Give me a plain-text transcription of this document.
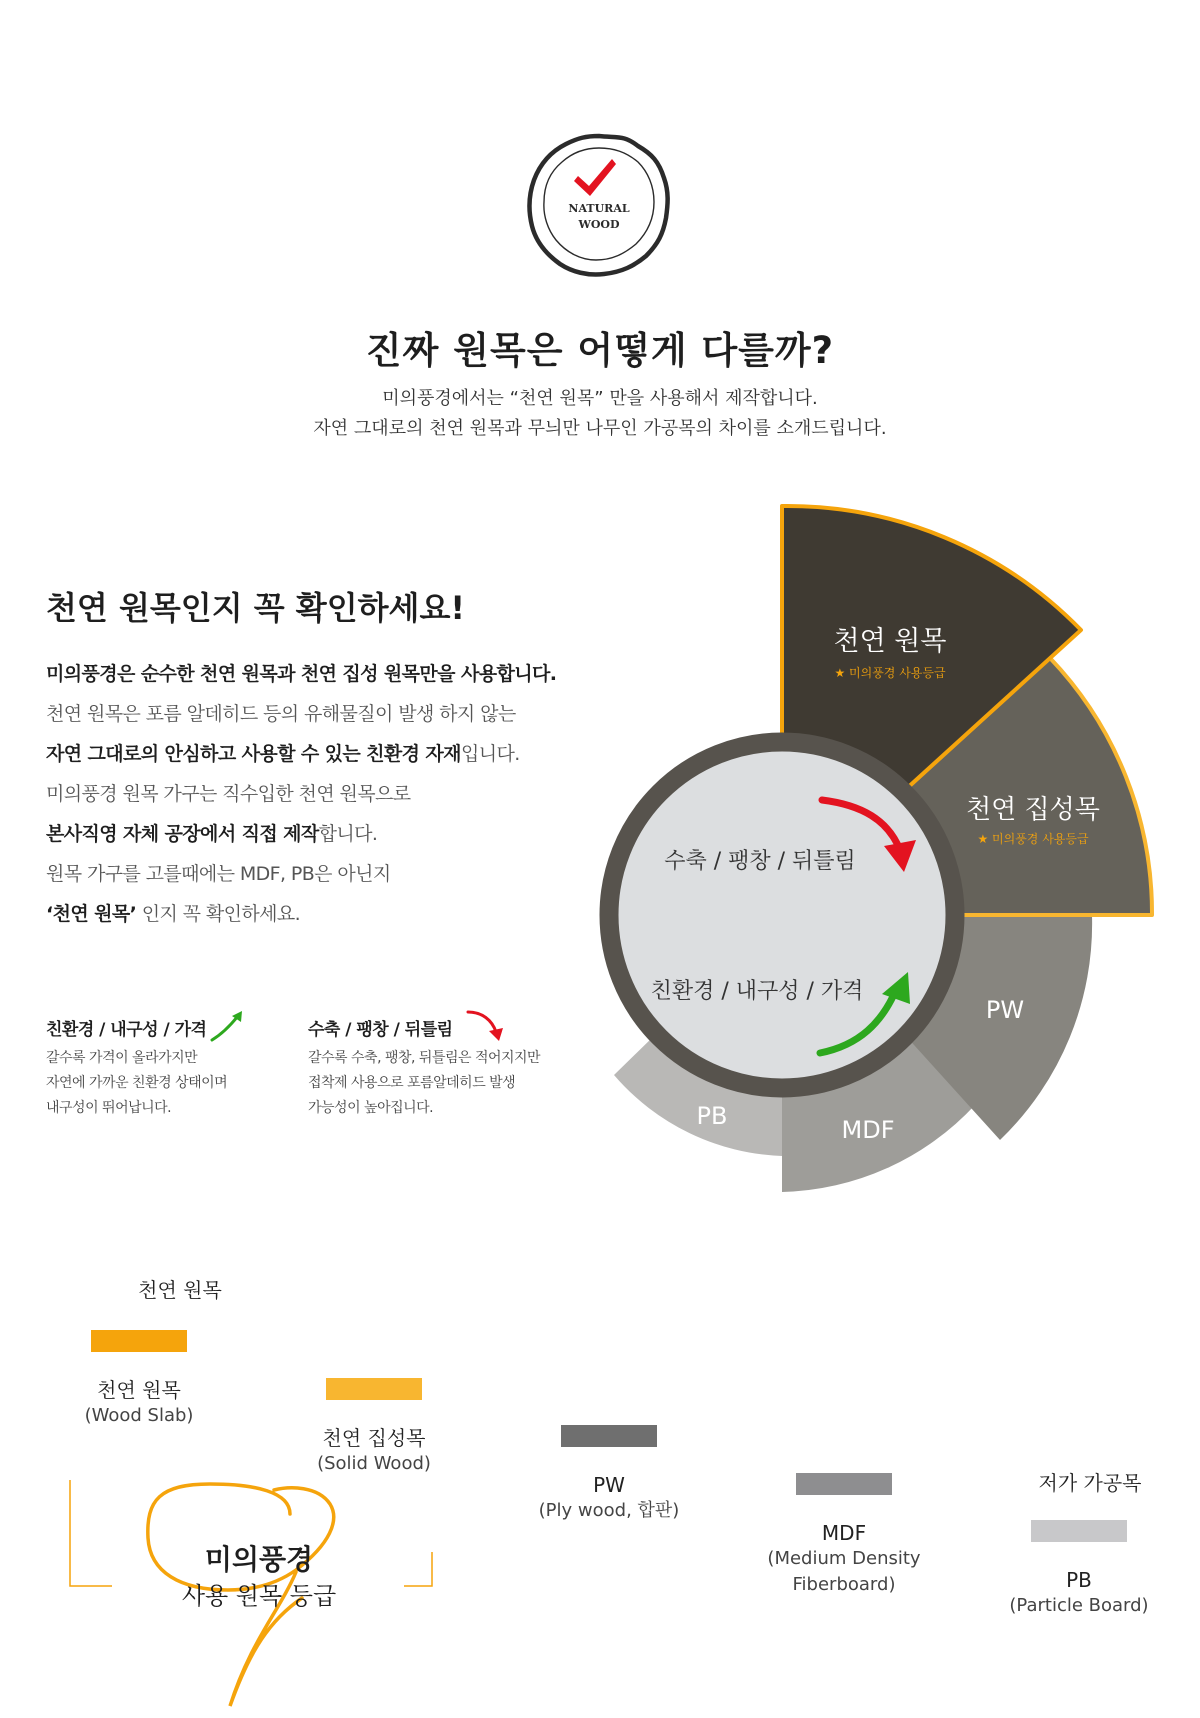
NATURAL
WOOD
진짜 원목은 어떻게 다를까?
미의풍경에서는 “천연 원목” 만을 사용해서 제작합니다.
자연 그대로의 천연 원목과 무늬만 나무인 가공목의 차이를 소개드립니다.
천연 원목인지 꼭 확인하세요!
미의풍경은 순수한 천연 원목과 천연 집성 원목만을 사용합니다.
천연 원목은 포름 알데히드 등의 유해물질이 발생 하지 않는
자연 그대로의 안심하고 사용할 수 있는 친환경 자재입니다.
미의풍경 원목 가구는 직수입한 천연 원목으로
본사직영 자체 공장에서 직접 제작합니다.
원목 가구를 고를때에는 MDF, PB은 아닌지
‘천연 원목’ 인지 꼭 확인하세요.
친환경 / 내구성 / 가격
갈수록 가격이 올라가지만
자연에 가까운 친환경 상태이며
내구성이 뛰어납니다.
수축 / 팽창 / 뒤틀림
갈수록 수축, 팽창, 뒤틀림은 적어지지만
접착제 사용으로 포름알데히드 발생
가능성이 높아집니다.
천연 원목
★ 미의풍경 사용등급
천연 집성목
★ 미의풍경 사용등급
PW
MDF
PB
수축 / 팽창 / 뒤틀림
친환경 / 내구성 / 가격
천연 원목
저가 가공목
천연 원목
(Wood Slab)
천연 집성목
(Solid Wood)
PW
(Ply wood, 합판)
MDF
(Medium Density
Fiberboard)	PB
(Particle Board)
미의풍경
사용 원목 등급
